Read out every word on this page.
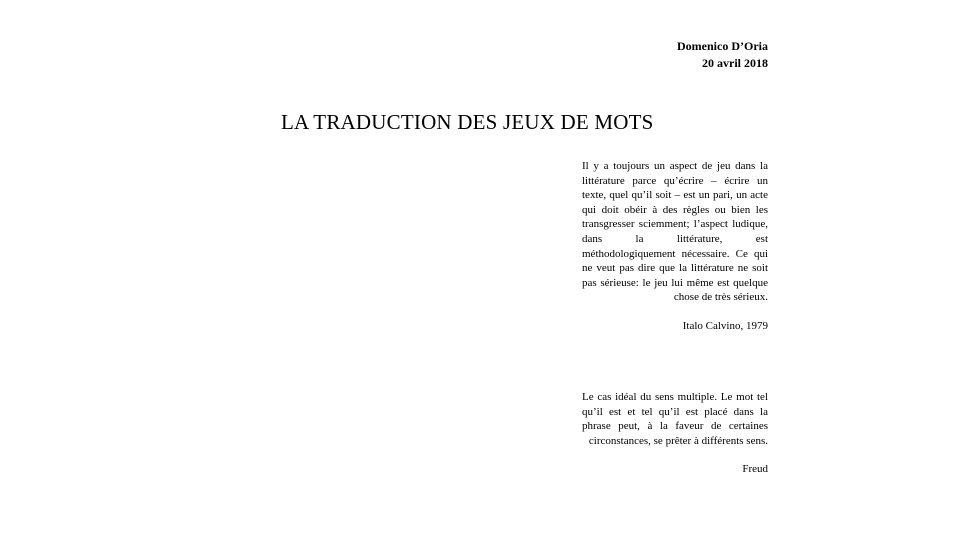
Domenico D’Oria
20 avril 2018
LA TRADUCTION DES JEUX DE MOTS

Il y a toujours un aspect de jeu dans la littérature parce qu’écrire – écrire un texte, quel qu’il soit – est un pari, un acte qui doit obéir à des règles ou bien les transgresser sciemment; l’aspect ludique, dans la littérature, est méthodologiquement nécessaire. Ce qui ne veut pas dire que la littérature ne soit pas sérieuse: le jeu lui même est quelque chose de très sérieux.

Italo Calvino, 1979

Le cas idéal du sens multiple. Le mot tel qu’il est et tel qu’il est placé dans la phrase peut, à la faveur de certaines circonstances, se prêter à différents sens.

Freud
